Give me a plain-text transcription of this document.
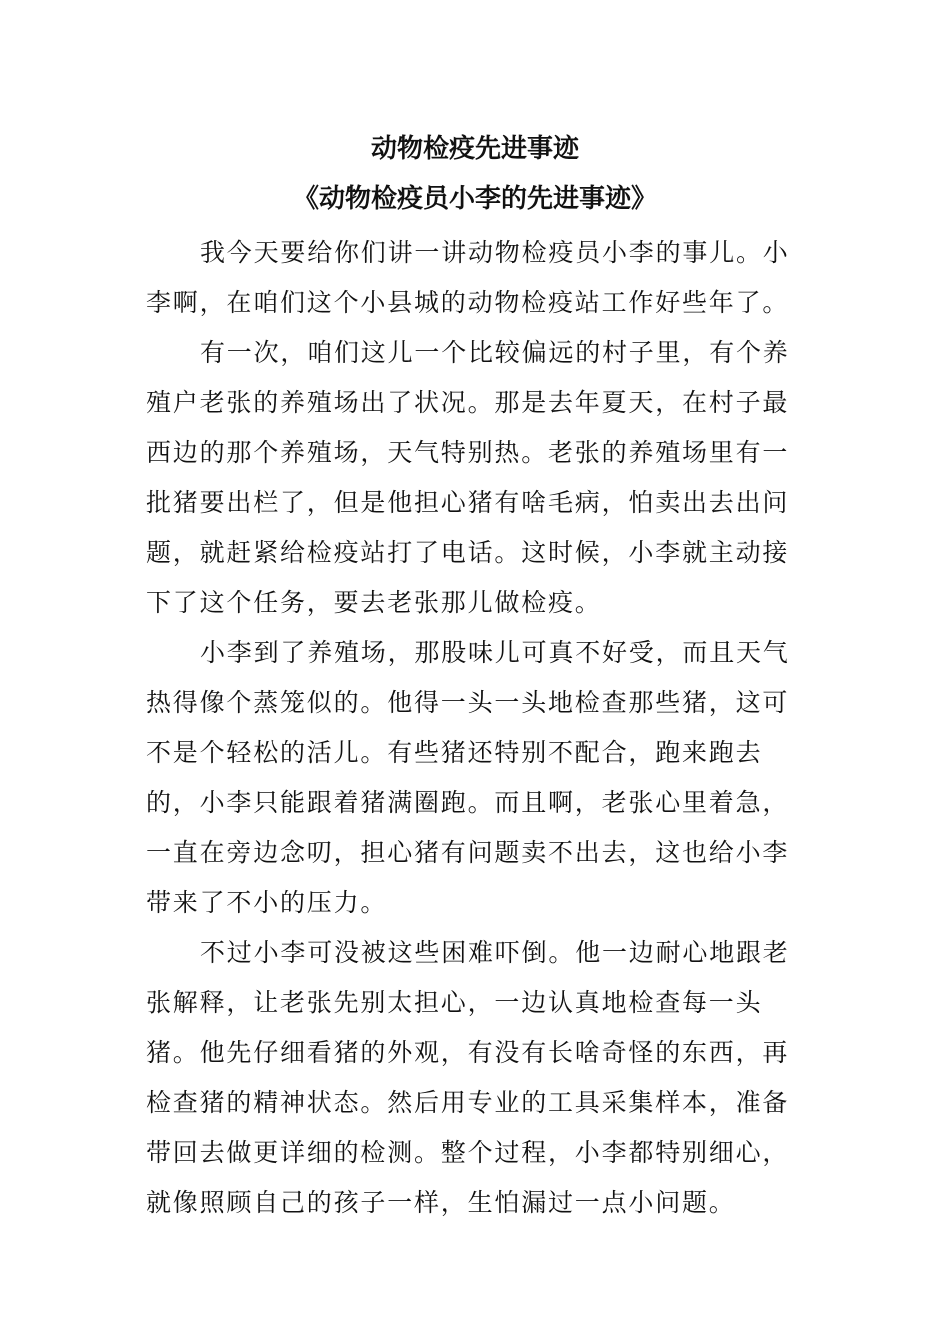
动物检疫先进事迹
《动物检疫员小李的先进事迹》

我今天要给你们讲一讲动物检疫员小李的事儿。小李啊，在咱们这个小县城的动物检疫站工作好些年了。

有一次，咱们这儿一个比较偏远的村子里，有个养殖户老张的养殖场出了状况。那是去年夏天，在村子最西边的那个养殖场，天气特别热。老张的养殖场里有一批猪要出栏了，但是他担心猪有啥毛病，怕卖出去出问题，就赶紧给检疫站打了电话。这时候，小李就主动接下了这个任务，要去老张那儿做检疫。

小李到了养殖场，那股味儿可真不好受，而且天气热得像个蒸笼似的。他得一头一头地检查那些猪，这可不是个轻松的活儿。有些猪还特别不配合，跑来跑去的，小李只能跟着猪满圈跑。而且啊，老张心里着急，一直在旁边念叨，担心猪有问题卖不出去，这也给小李带来了不小的压力。

不过小李可没被这些困难吓倒。他一边耐心地跟老张解释，让老张先别太担心，一边认真地检查每一头猪。他先仔细看猪的外观，有没有长啥奇怪的东西，再检查猪的精神状态。然后用专业的工具采集样本，准备带回去做更详细的检测。整个过程，小李都特别细心，就像照顾自己的孩子一样，生怕漏过一点小问题。
